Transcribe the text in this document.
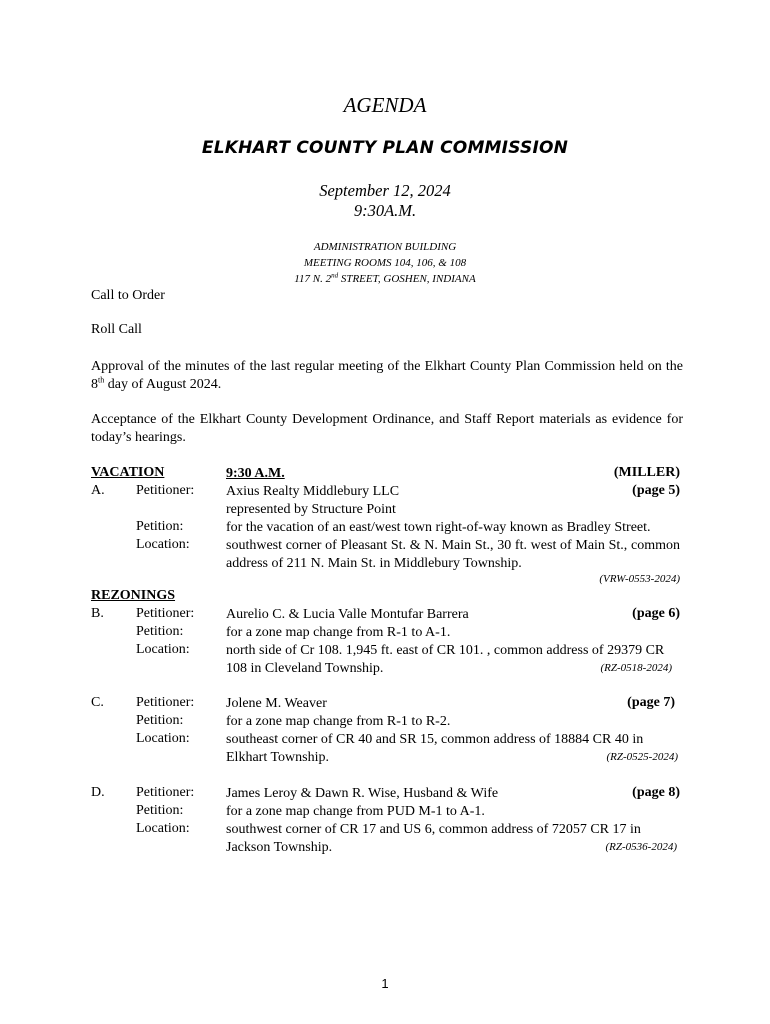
AGENDA
ELKHART COUNTY PLAN COMMISSION
September 12, 2024
9:30A.M.
ADMINISTRATION BUILDING
MEETING ROOMS 104, 106, & 108
117 N. 2nd STREET, GOSHEN, INDIANA
Call to Order
Roll Call
Approval of the minutes of the last regular meeting of the Elkhart County Plan Commission held on the 8th day of August 2024.
Acceptance of the Elkhart County Development Ordinance, and Staff Report materials as evidence for today’s hearings.
VACATION	9:30 A.M.	(MILLER)
A. Petitioner: Axius Realty Middlebury LLC	(page 5)
represented by Structure Point
Petition:	for the vacation of an east/west town right-of-way known as Bradley Street.
Location:	southwest corner of Pleasant St. & N. Main St., 30 ft. west of Main St., common address of 211 N. Main St. in Middlebury Township.
(VRW-0553-2024)
REZONINGS
B. Petitioner: Aurelio C. & Lucia Valle Montufar Barrera	(page 6)
Petition:	for a zone map change from R-1 to A-1.
Location:	north side of Cr 108. 1,945 ft. east of CR 101. , common address of 29379 CR
108 in Cleveland Township.	(RZ-0518-2024)
C. Petitioner: Jolene M. Weaver	(page 7)
Petition:	for a zone map change from R-1 to R-2.
Location:	southeast corner of CR 40 and SR 15, common address of 18884 CR 40 in
Elkhart Township.	(RZ-0525-2024)
D. Petitioner: James Leroy & Dawn R. Wise, Husband & Wife	(page 8)
Petition:	for a zone map change from PUD M-1 to A-1.
Location:	southwest corner of CR 17 and US 6, common address of 72057 CR 17 in
Jackson Township.	(RZ-0536-2024)
1
